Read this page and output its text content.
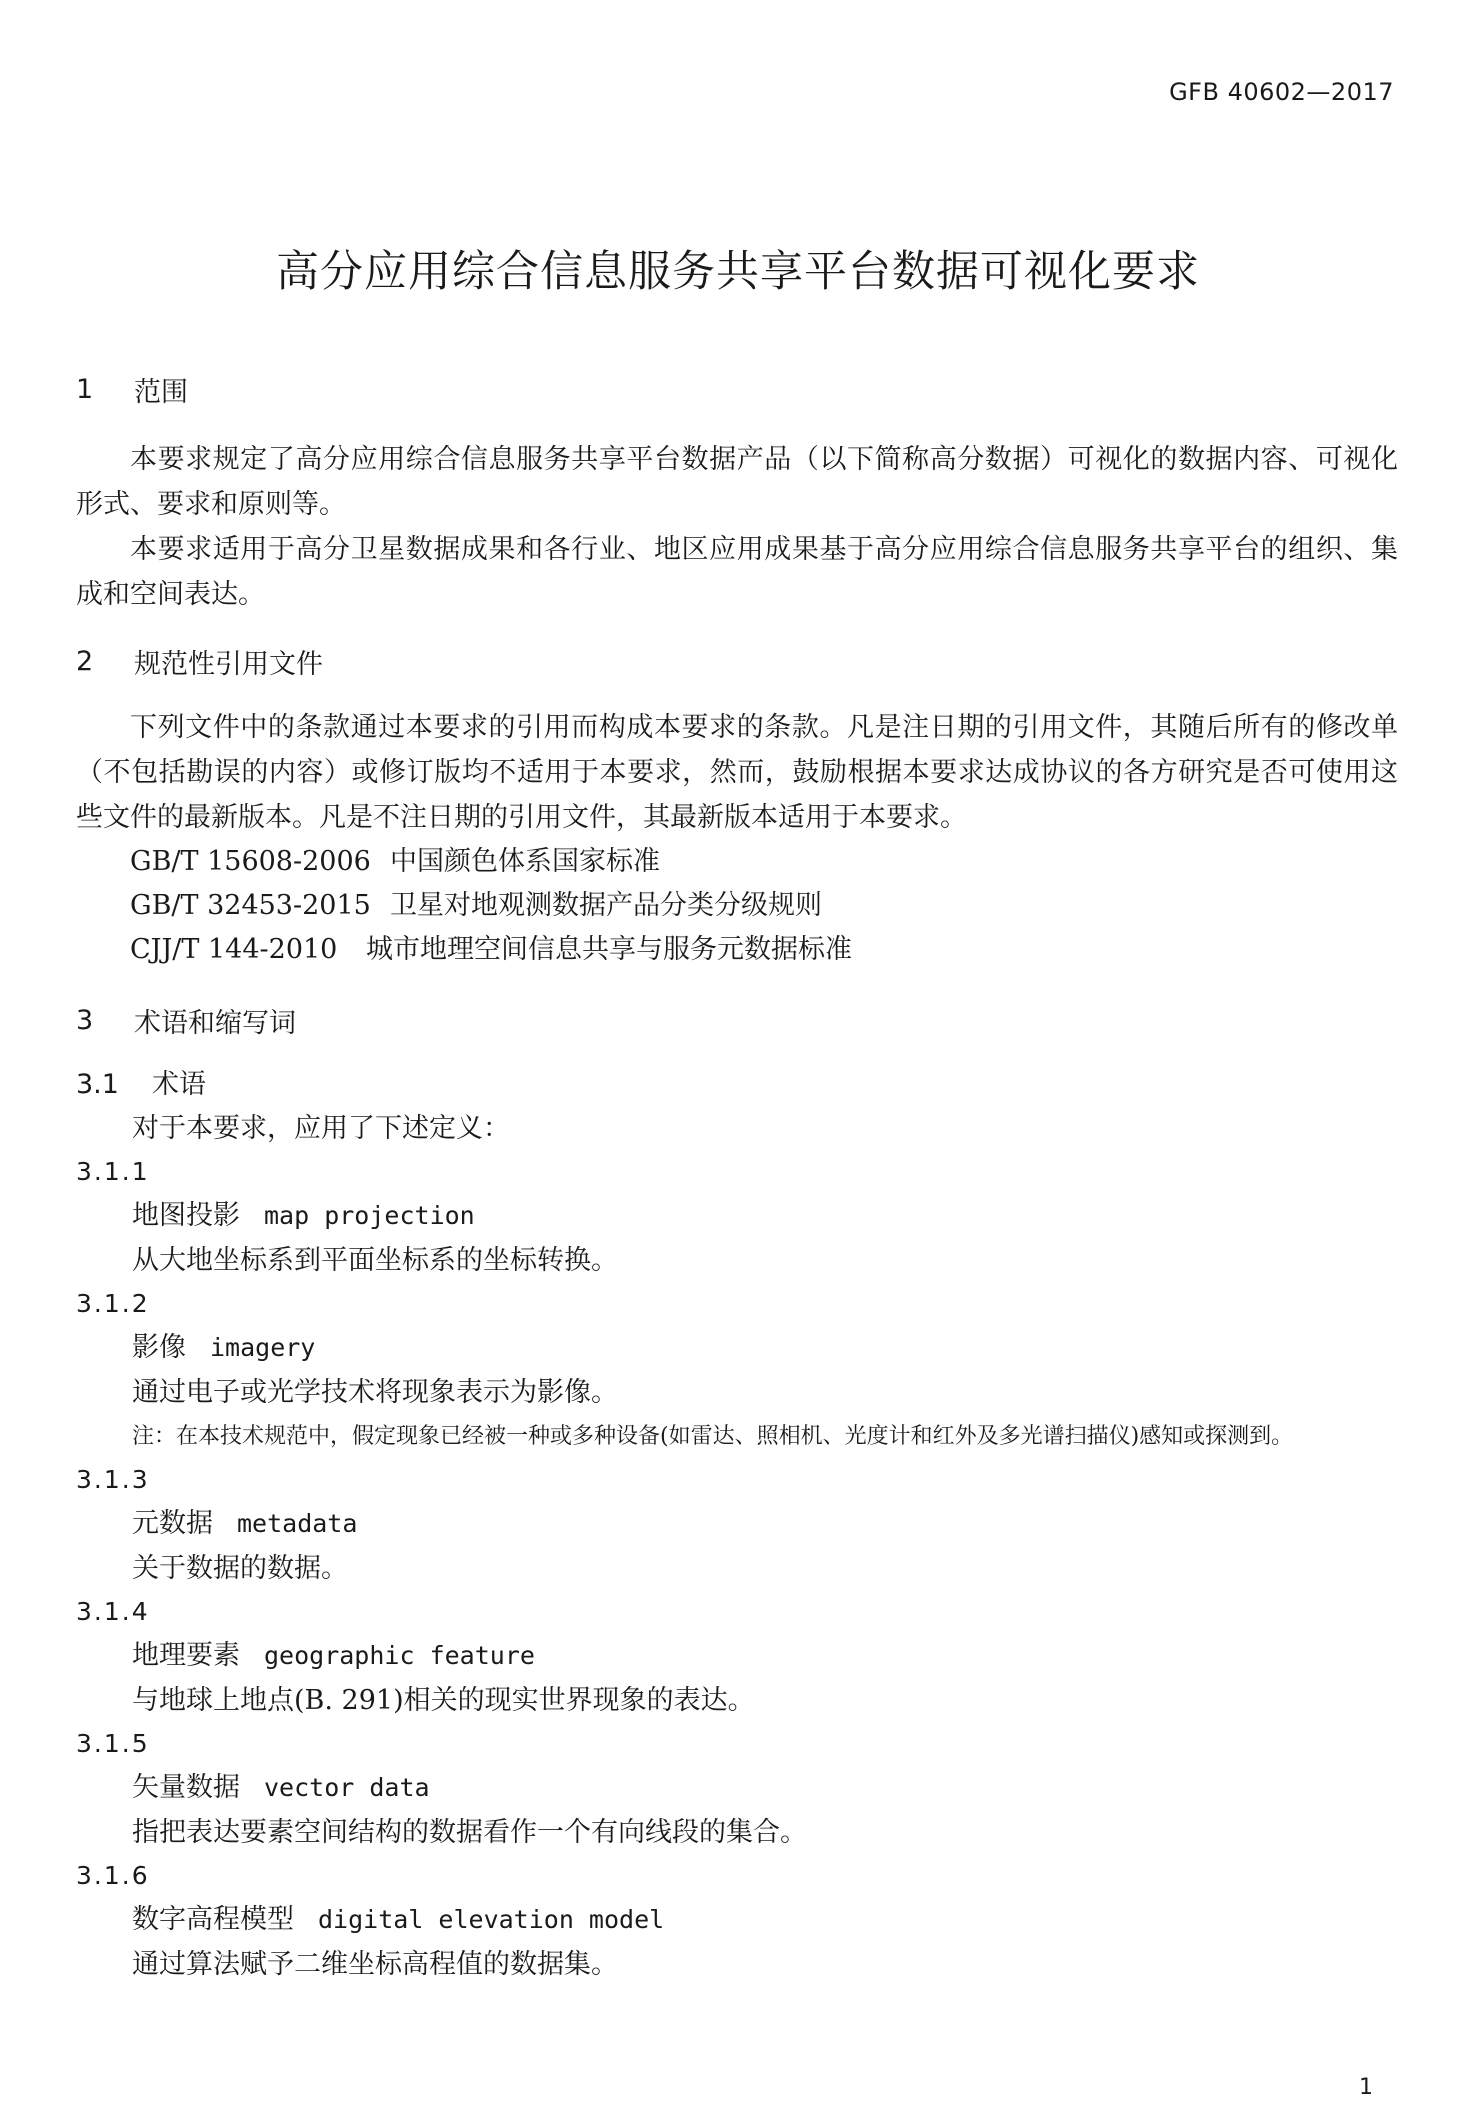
GFB 40602—2017
高分应用综合信息服务共享平台数据可视化要求
1	范围

本要求规定了高分应用综合信息服务共享平台数据产品（以下简称高分数据）可视化的数据内容、可视化形式、要求和原则等。

本要求适用于高分卫星数据成果和各行业、地区应用成果基于高分应用综合信息服务共享平台的组织、集成和空间表达。

2	规范性引用文件

下列文件中的条款通过本要求的引用而构成本要求的条款。凡是注日期的引用文件，其随后所有的修改单（不包括勘误的内容）或修订版均不适用于本要求，然而，鼓励根据本要求达成协议的各方研究是否可使用这些文件的最新版本。凡是不注日期的引用文件，其最新版本适用于本要求。

GB/T 15608-2006 中国颜色体系国家标准
GB/T 32453-2015 卫星对地观测数据产品分类分级规则
CJJ/T 144-2010 城市地理空间信息共享与服务元数据标准
3	术语和缩写词
3.1 术语
对于本要求，应用了下述定义：
3.1.1
地图投影 map projection
从大地坐标系到平面坐标系的坐标转换。
3.1.2
影像 imagery
通过电子或光学技术将现象表示为影像。

注：在本技术规范中，假定现象已经被一种或多种设备(如雷达、照相机、光度计和红外及多光谱扫描仪)感知或探测到。

3.1.3
元数据 metadata
关于数据的数据。
3.1.4
地理要素 geographic feature
与地球上地点(B. 291)相关的现实世界现象的表达。
3.1.5
矢量数据 vector data
指把表达要素空间结构的数据看作一个有向线段的集合。
3.1.6
数字高程模型 digital elevation model
通过算法赋予二维坐标高程值的数据集。
1
